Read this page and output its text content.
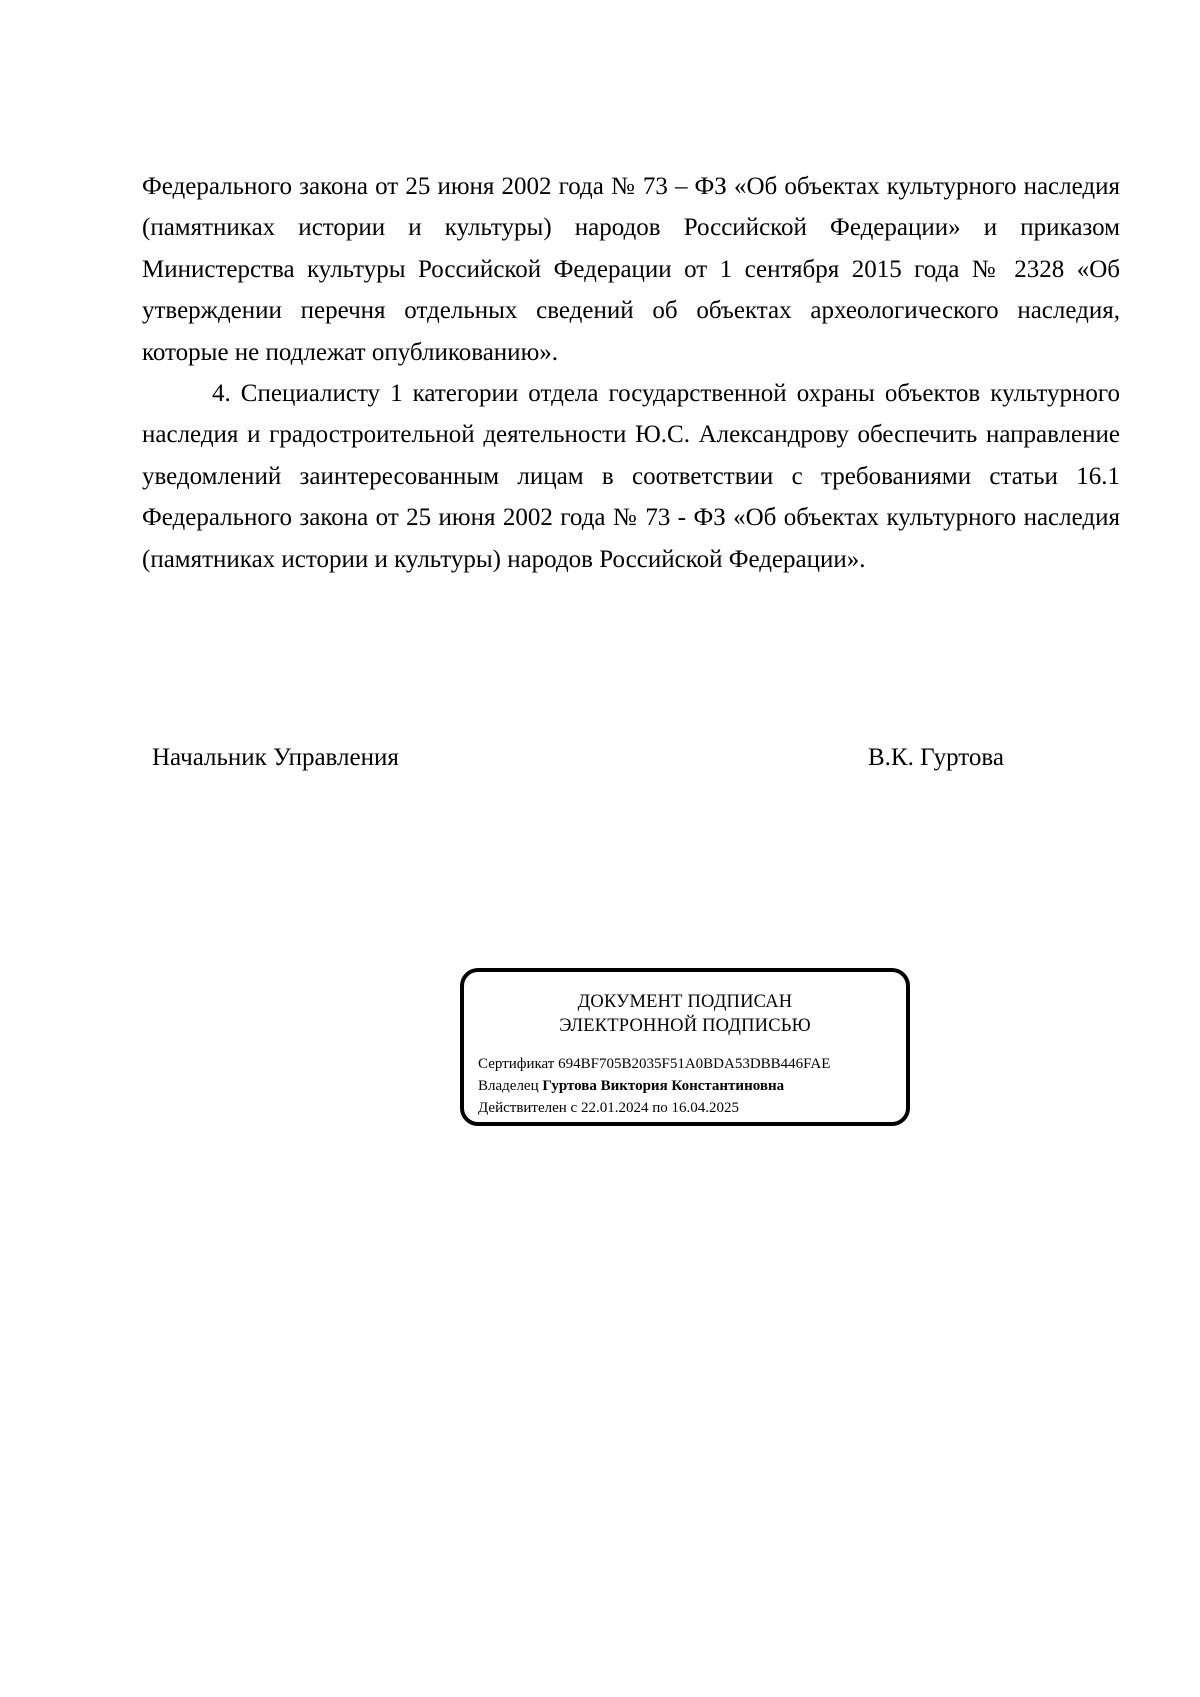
Федерального закона от 25 июня 2002 года № 73 – ФЗ «Об объектах культурного наследия (памятниках истории и культуры) народов Российской Федерации» и приказом Министерства культуры Российской Федерации от 1 сентября 2015 года № 2328 «Об утверждении перечня отдельных сведений об объектах археологического наследия, которые не подлежат опубликованию».

4. Специалисту 1 категории отдела государственной охраны объектов культурного наследия и градостроительной деятельности Ю.С. Александрову обеспечить направление уведомлений заинтересованным лицам в соответствии с требованиями статьи 16.1 Федерального закона от 25 июня 2002 года № 73 - ФЗ «Об объектах культурного наследия (памятниках истории и культуры) народов Российской Федерации».

Начальник Управления	В.К. Гуртова
ДОКУМЕНТ ПОДПИСАН
ЭЛЕКТРОННОЙ ПОДПИСЬЮ
Сертификат 694BF705B2035F51A0BDA53DBB446FAE
Владелец Гуртова Виктория Константиновна
Действителен с 22.01.2024 по 16.04.2025
